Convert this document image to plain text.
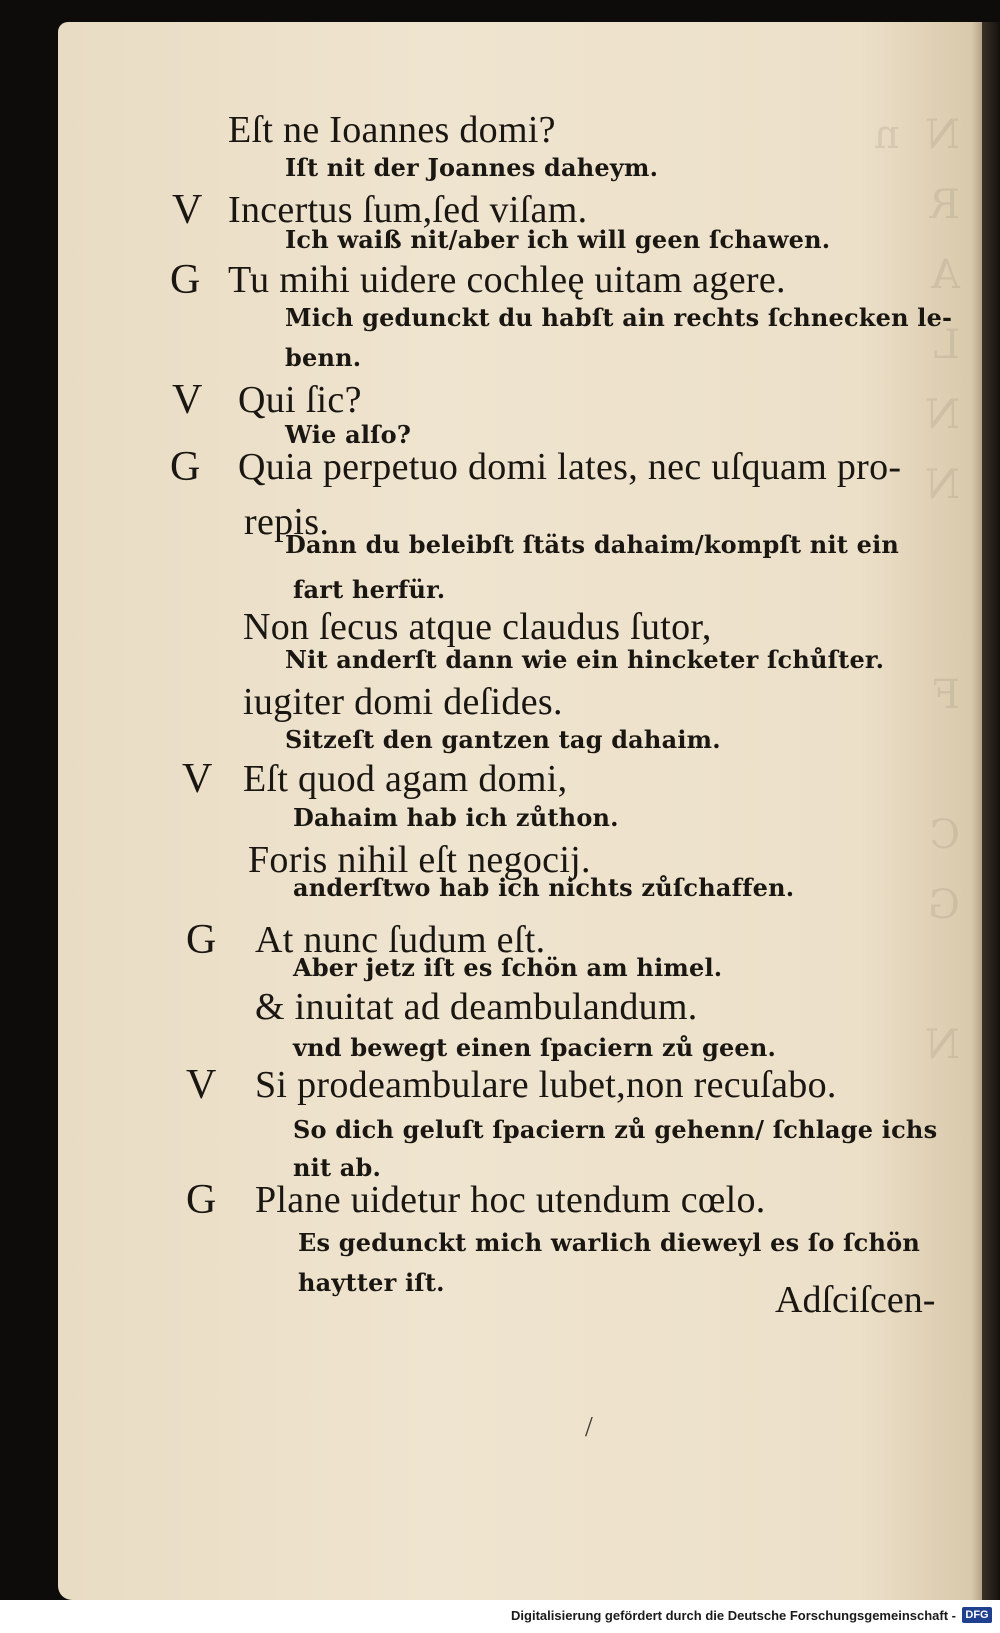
Eſt ne Ioannes domi?
Iſt nit der Joannes daheym.
Incertus ſum,ſed viſam.
V
Ich waiß nit/aber ich will geen ſchawen.
Tu mihi uidere cochleę uitam agere.
G
Mich gedunckt du habſt ain rechts ſchnecken le-
benn.
Qui ſic?
V
Wie alſo?
Quia perpetuo domi lates, nec uſquam pro-
G
repis.
Dann du beleibſt ſtäts dahaim/kompſt nit ein
fart herfür.
Non ſecus atque claudus ſutor,
Nit anderſt dann wie ein hincketer ſchůſter.
iugiter domi deſides.
Sitzeſt den gantzen tag dahaim.
Eſt quod agam domi,
V
Dahaim hab ich zůthon.
Foris nihil eſt negocij.
anderſtwo hab ich nichts zůſchaffen.
At nunc ſudum eſt.
G
Aber jetz iſt es ſchön am himel.
& inuitat ad deambulandum.
vnd bewegt einen ſpaciern zů geen.
Si prodeambulare lubet,non recuſabo.
V
So dich geluſt ſpaciern zů gehenn/ ſchlage ichs
nit ab.
Plane uidetur hoc utendum cœlo.
G
Es gedunckt mich warlich dieweyl es ſo ſchön
haytter iſt.	Adſciſcen-
/
Digitalisierung gefördert durch die Deutsche Forschungsgemeinschaft - DFG
